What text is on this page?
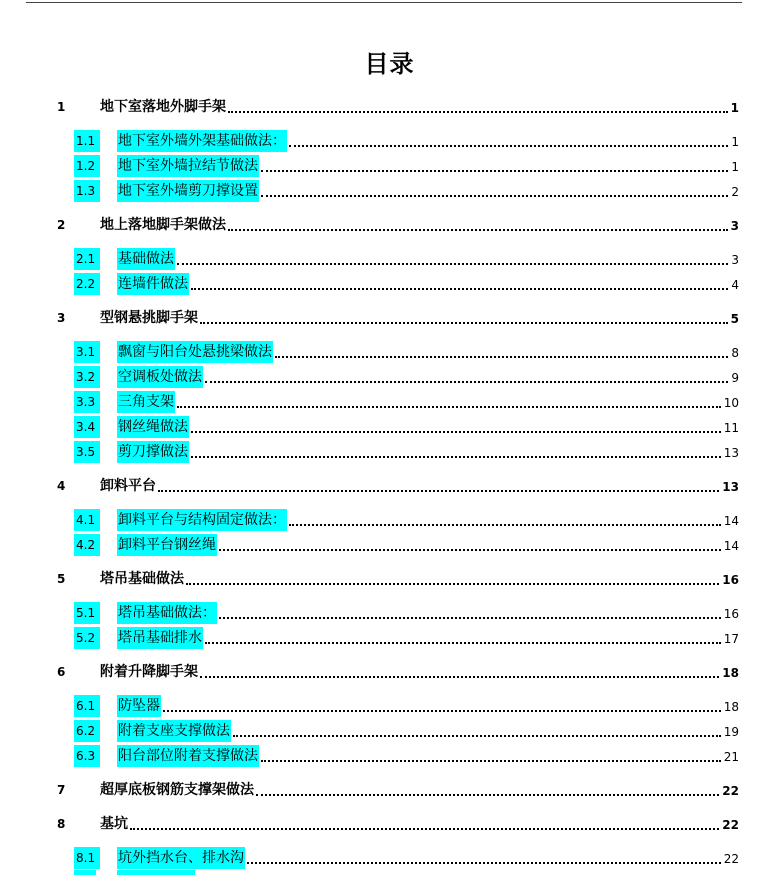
目录
1 地下室落地外脚手架	1
1.1	地下室外墙外架基础做法：	1
1.2	地下室外墙拉结节做法	1
1.3	地下室外墙剪刀撑设置	2
2 地上落地脚手架做法	3
2.1	基础做法	3
2.2	连墙件做法	4
3 型钢悬挑脚手架	5
3.1	飘窗与阳台处悬挑梁做法	8
3.2	空调板处做法	9
3.3	三角支架	10
3.4	钢丝绳做法	11
3.5	剪刀撑做法	13
4 卸料平台	13
4.1	卸料平台与结构固定做法：	14
4.2	卸料平台钢丝绳	14
5 塔吊基础做法	16
5.1	塔吊基础做法：	16
5.2	塔吊基础排水	17
6 附着升降脚手架	18
6.1	防坠器	18
6.2	附着支座支撑做法	19
6.3	阳台部位附着支撑做法	21
7 超厚底板钢筋支撑架做法	22
8 基坑	22
8.1	坑外挡水台、排水沟	22
